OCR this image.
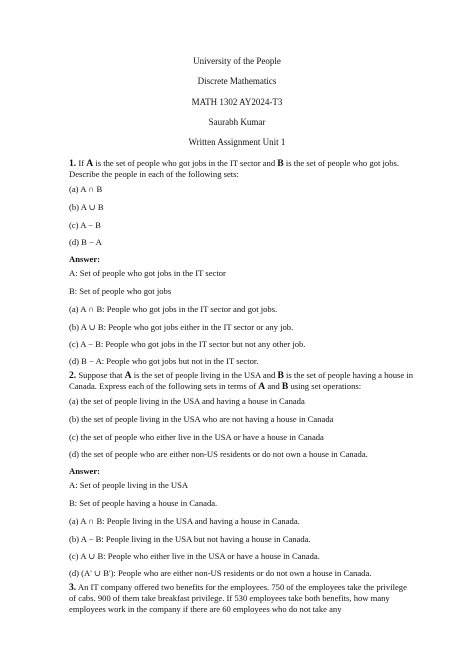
University of the People
Discrete Mathematics
MATH 1302 AY2024-T3
Saurabh Kumar
Written Assignment Unit 1
1. If A is the set of people who got jobs in the IT sector and B is the set of people who got jobs. Describe the people in each of the following sets:
(a) A ∩ B
(b) A ∪ B
(c) A − B
(d) B − A
Answer:
A: Set of people who got jobs in the IT sector
B: Set of people who got jobs
(a) A ∩ B: People who got jobs in the IT sector and got jobs.
(b) A ∪ B: People who got jobs either in the IT sector or any job.
(c) A − B: People who got jobs in the IT sector but not any other job.
(d) B − A: People who got jobs but not in the IT sector.
2. Suppose that A is the set of people living in the USA and B is the set of people having a house in Canada. Express each of the following sets in terms of A and B using set operations:
(a) the set of people living in the USA and having a house in Canada
(b) the set of people living in the USA who are not having a house in Canada
(c) the set of people who either live in the USA or have a house in Canada
(d) the set of people who are either non-US residents or do not own a house in Canada.
Answer:
A: Set of people living in the USA
B: Set of people having a house in Canada.
(a) A ∩ B: People living in the USA and having a house in Canada.
(b) A − B: People living in the USA but not having a house in Canada.
(c) A ∪ B: People who either live in the USA or have a house in Canada.
(d) (A' ∪ B'): People who are either non-US residents or do not own a house in Canada.
3. An IT company offered two benefits for the employees. 750 of the employees take the privilege of cabs. 900 of them take breakfast privilege. If 530 employees take both benefits, how many employees work in the company if there are 60 employees who do not take any
